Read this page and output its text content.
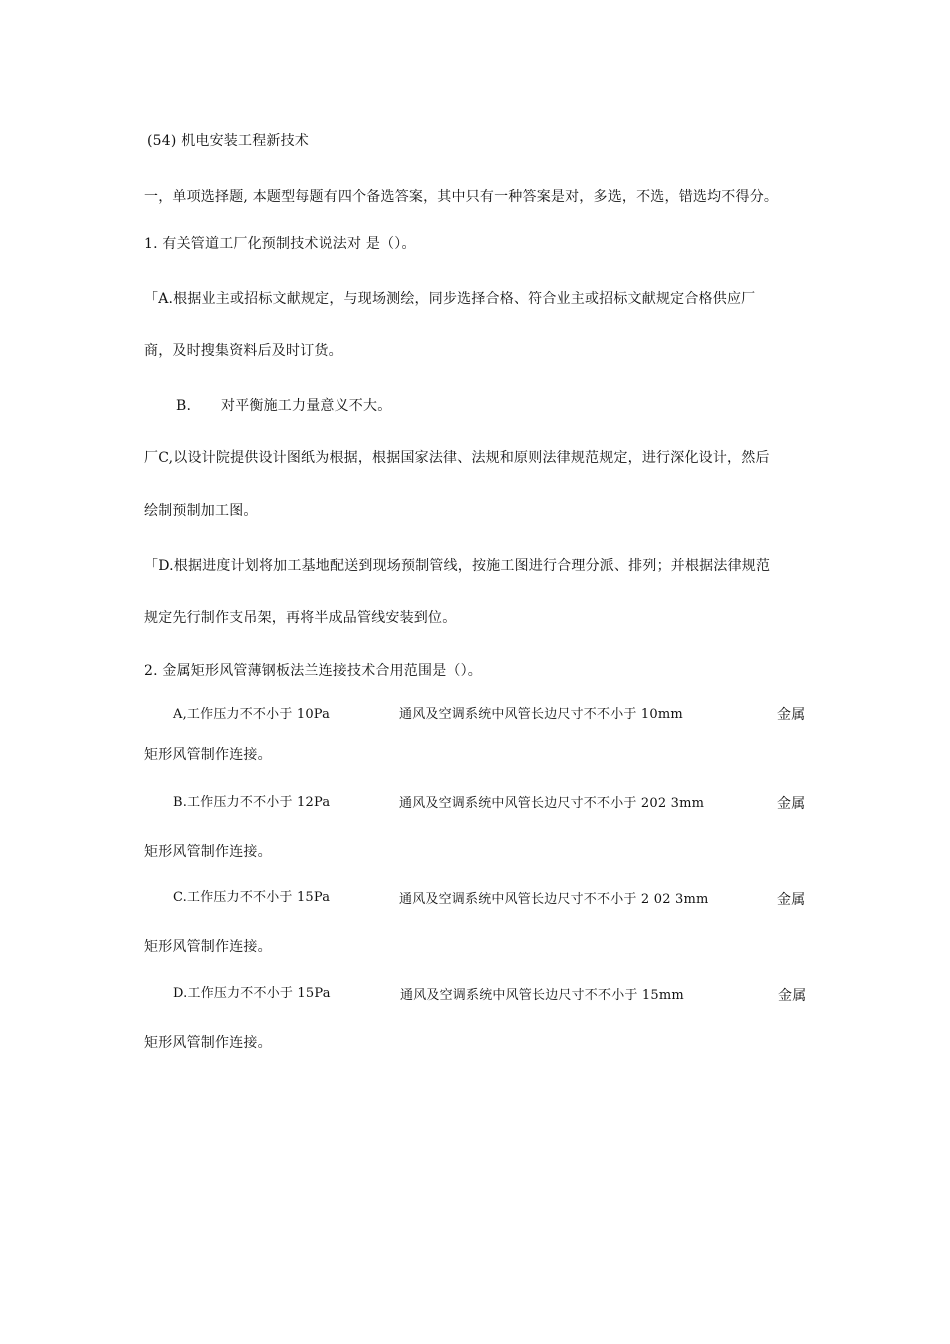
(54) 机电安装工程新技术
一，单项选择题, 本题型每题有四个备选答案，其中只有一种答案是对，多选，不选，错选均不得分。
1. 有关管道工厂化预制技术说法对 是（）。
「A.根据业主或招标文献规定，与现场测绘，同步选择合格、符合业主或招标文献规定合格供应厂
商，及时搜集资料后及时订货。
B. 对平衡施工力量意义不大。
厂C,以设计院提供设计图纸为根据，根据国家法律、法规和原则法律规范规定，进行深化设计，然后
绘制预制加工图。
「D.根据进度计划将加工基地配送到现场预制管线，按施工图进行合理分派、排列；并根据法律规范
规定先行制作支吊架，再将半成品管线安装到位。
2. 金属矩形风管薄钢板法兰连接技术合用范围是（）。
A,工作压力不不小于 10Pa	通风及空调系统中风管长边尺寸不不小于 10mm	金属
矩形风管制作连接。
B.工作压力不不小于 12Pa	通风及空调系统中风管长边尺寸不不小于 202 3mm	金属
矩形风管制作连接。
C.工作压力不不小于 15Pa	通风及空调系统中风管长边尺寸不不小于 2 02 3mm	金属
矩形风管制作连接。
D.工作压力不不小于 15Pa	通风及空调系统中风管长边尺寸不不小于 15mm	金属
矩形风管制作连接。
